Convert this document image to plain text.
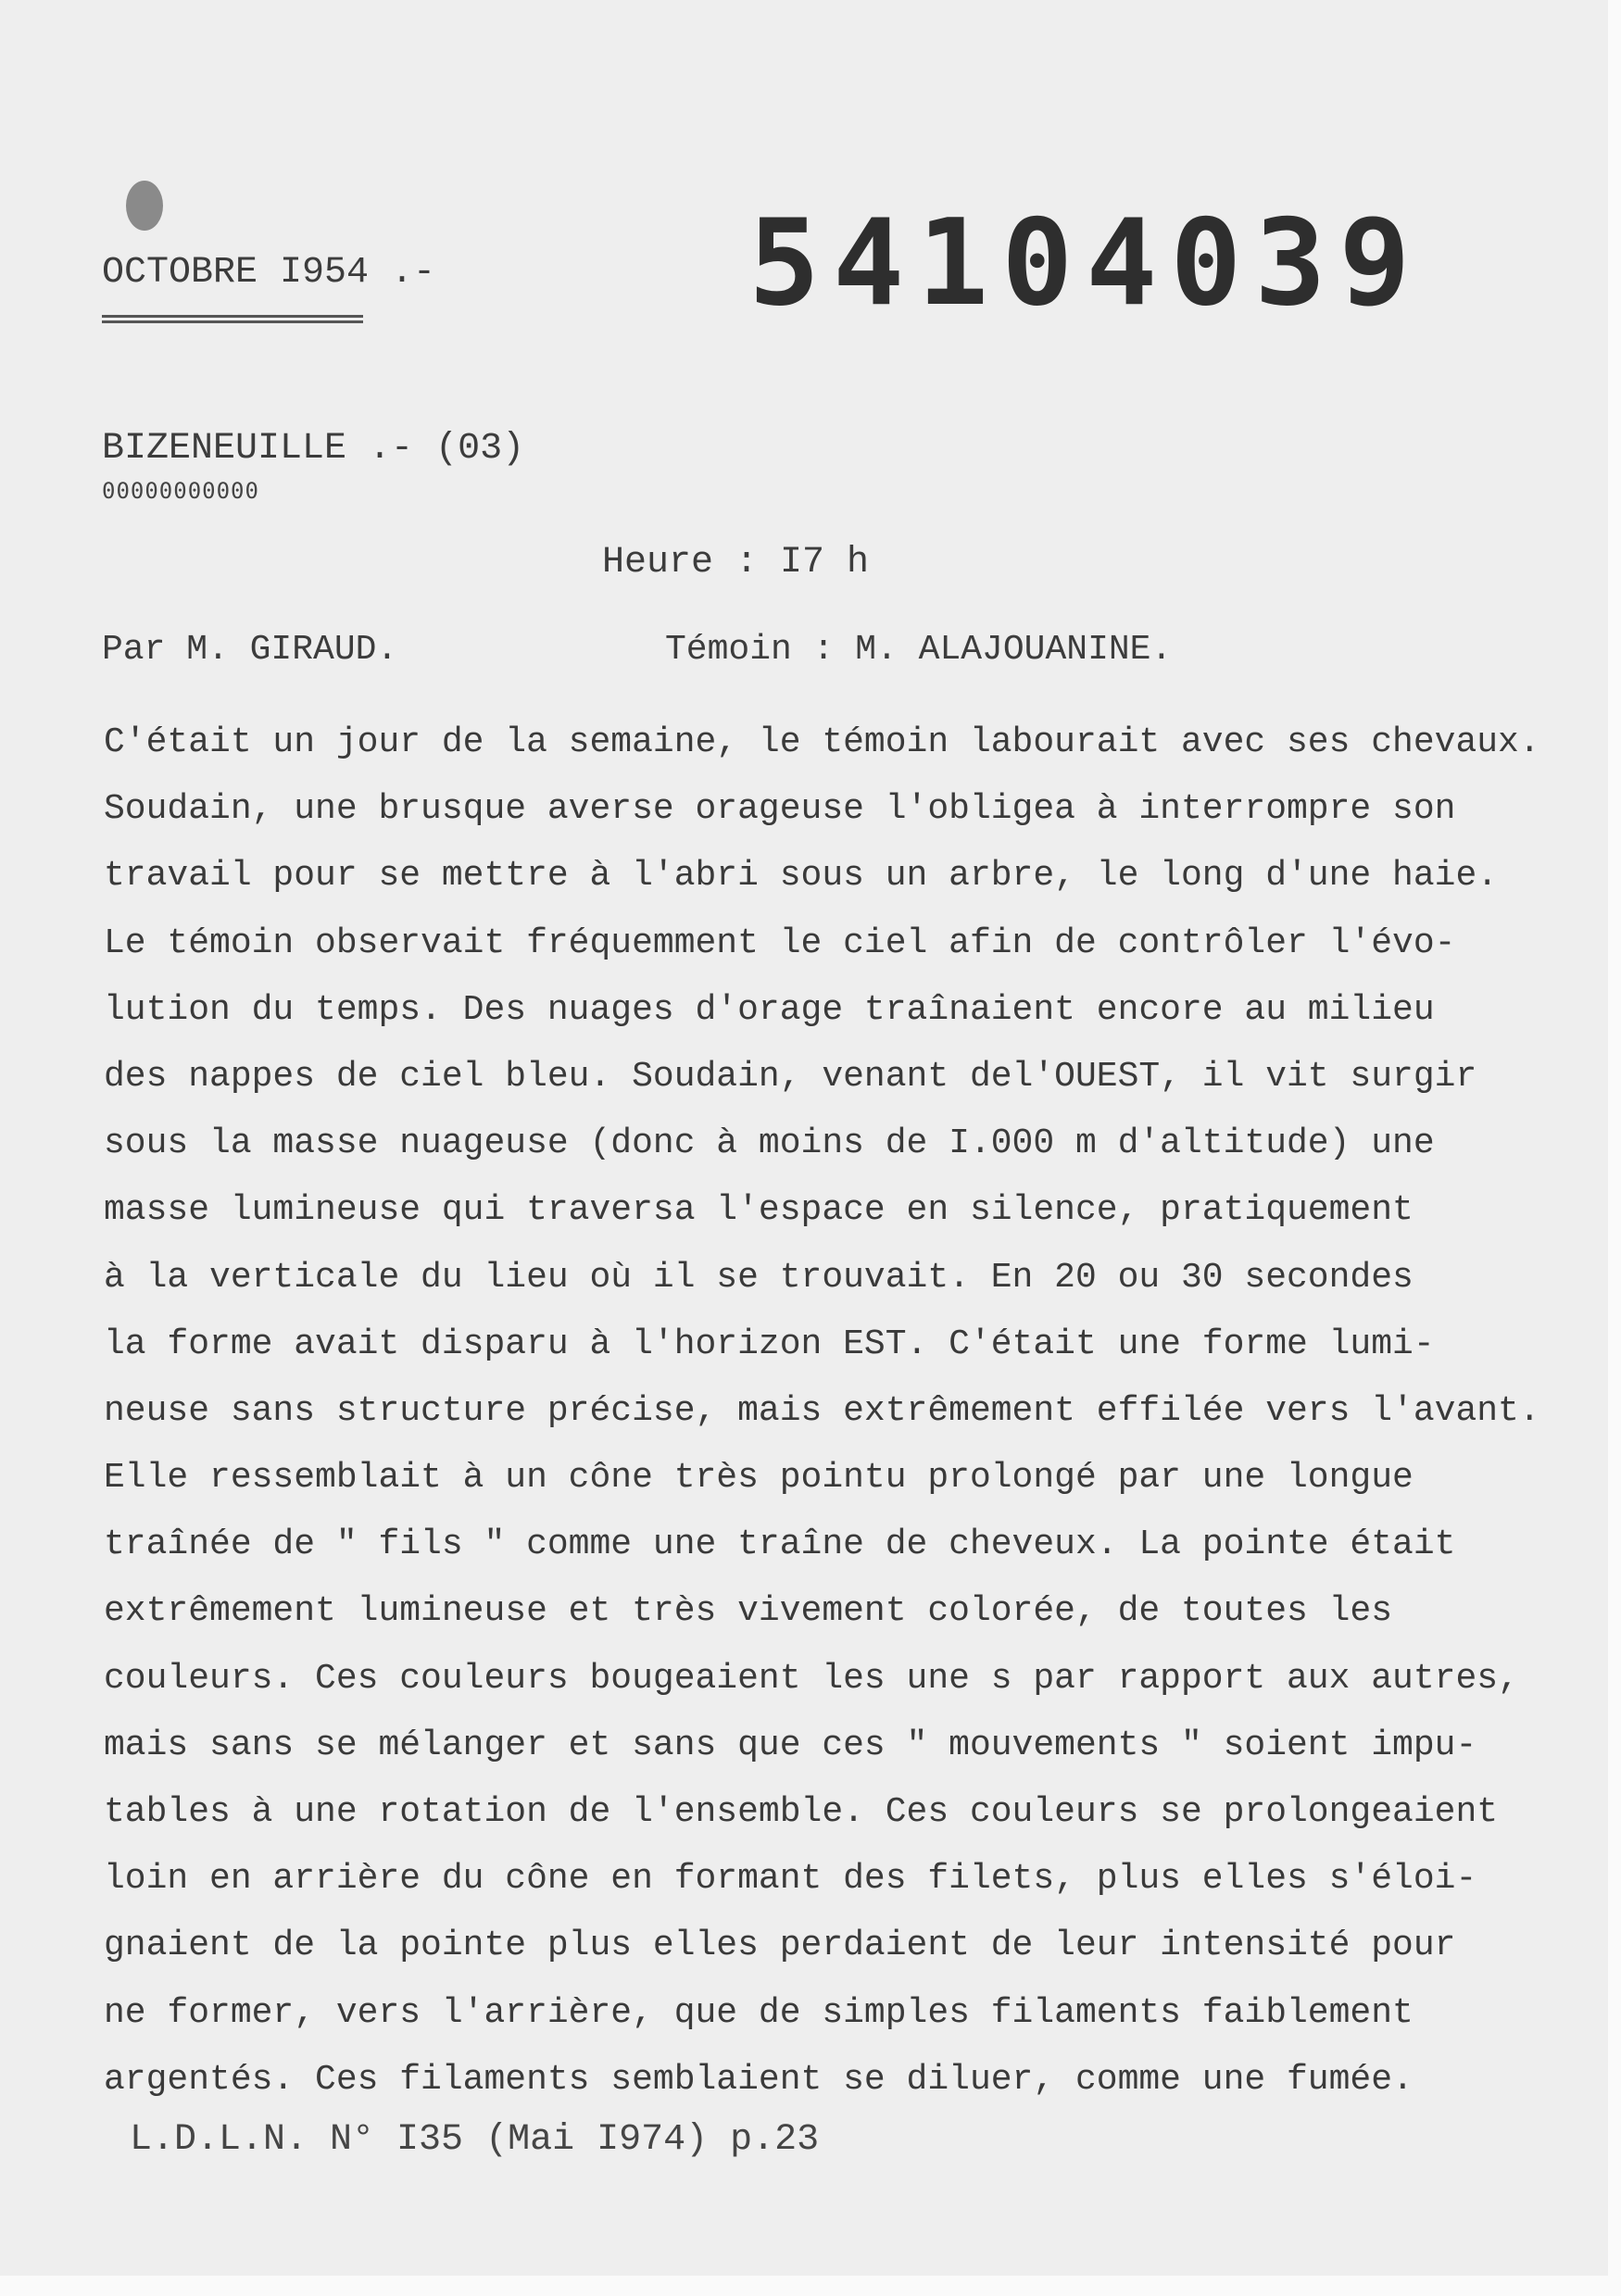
OCTOBRE I954 .-	54104039
BIZENEUILLE .- (03)
00000000000
Heure : I7 h
Par M. GIRAUD.	Témoin : M. ALAJOUANINE.
C'était un jour de la semaine, le témoin labourait avec ses chevaux.
Soudain, une brusque averse orageuse l'obligea à interrompre son
travail pour se mettre à l'abri sous un arbre, le long d'une haie.
Le témoin observait fréquemment le ciel afin de contrôler l'évo-
lution du temps. Des nuages d'orage traînaient encore au milieu
des nappes de ciel bleu. Soudain, venant del'OUEST, il vit surgir
sous la masse nuageuse (donc à moins de I.000 m d'altitude) une
masse lumineuse qui traversa l'espace en silence, pratiquement
à la verticale du lieu où il se trouvait. En 20 ou 30 secondes
la forme avait disparu à l'horizon EST. C'était une forme lumi-
neuse sans structure précise, mais extrêmement effilée vers l'avant.
Elle ressemblait à un cône très pointu prolongé par une longue
traînée de " fils " comme une traîne de cheveux. La pointe était
extrêmement lumineuse et très vivement colorée, de toutes les
couleurs. Ces couleurs bougeaient les une s par rapport aux autres,
mais sans se mélanger et sans que ces " mouvements " soient impu-
tables à une rotation de l'ensemble. Ces couleurs se prolongeaient
loin en arrière du cône en formant des filets, plus elles s'éloi-
gnaient de la pointe plus elles perdaient de leur intensité pour
ne former, vers l'arrière, que de simples filaments faiblement
argentés. Ces filaments semblaient se diluer, comme une fumée.
L.D.L.N. N° I35 (Mai I974) p.23
